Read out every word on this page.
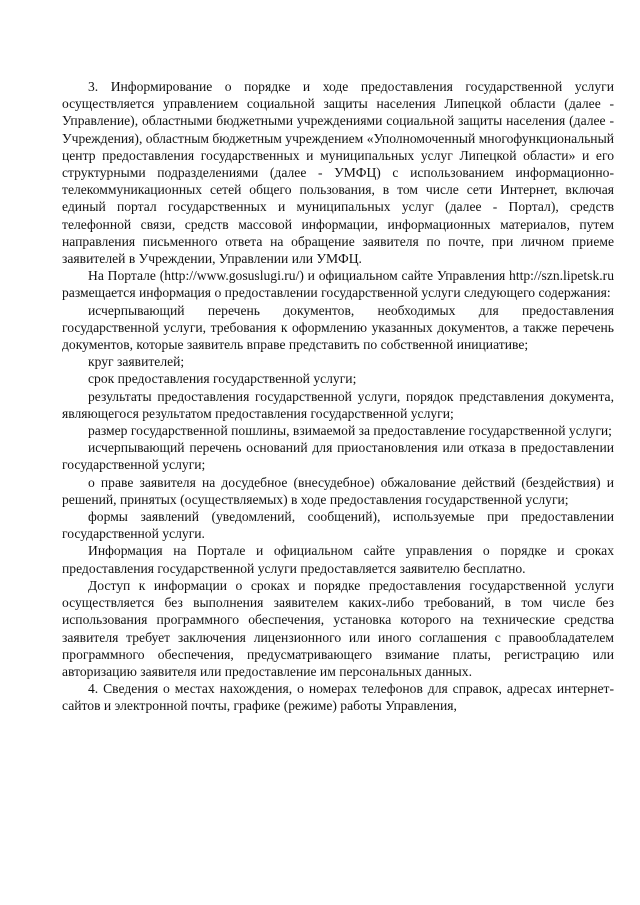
3. Информирование о порядке и ходе предоставления государственной услуги осуществляется управлением социальной защиты населения Липецкой области (далее - Управление), областными бюджетными учреждениями социальной защиты населения (далее - Учреждения), областным бюджетным учреждением «Уполномоченный многофункциональный центр предоставления государственных и муниципальных услуг Липецкой области» и его структурными подразделениями (далее - УМФЦ) с использованием информационно-телекоммуникационных сетей общего пользования, в том числе сети Интернет, включая единый портал государственных и муниципальных услуг (далее - Портал), средств телефонной связи, средств массовой информации, информационных материалов, путем направления письменного ответа на обращение заявителя по почте, при личном приеме заявителей в Учреждении, Управлении или УМФЦ.

На Портале (http://www.gosuslugi.ru/) и официальном сайте Управления http://szn.lipetsk.ru размещается информация о предоставлении государственной услуги следующего содержания:

исчерпывающий перечень документов, необходимых для предоставления государственной услуги, требования к оформлению указанных документов, а также перечень документов, которые заявитель вправе представить по собственной инициативе;

круг заявителей;

срок предоставления государственной услуги;

результаты предоставления государственной услуги, порядок представления документа, являющегося результатом предоставления государственной услуги;

размер государственной пошлины, взимаемой за предоставление государственной услуги;

исчерпывающий перечень оснований для приостановления или отказа в предоставлении государственной услуги;

о праве заявителя на досудебное (внесудебное) обжалование действий (бездействия) и решений, принятых (осуществляемых) в ходе предоставления государственной услуги;

формы заявлений (уведомлений, сообщений), используемые при предоставлении государственной услуги.

Информация на Портале и официальном сайте управления о порядке и сроках предоставления государственной услуги предоставляется заявителю бесплатно.

Доступ к информации о сроках и порядке предоставления государственной услуги осуществляется без выполнения заявителем каких-либо требований, в том числе без использования программного обеспечения, установка которого на технические средства заявителя требует заключения лицензионного или иного соглашения с правообладателем программного обеспечения, предусматривающего взимание платы, регистрацию или авторизацию заявителя или предоставление им персональных данных.

4. Сведения о местах нахождения, о номерах телефонов для справок, адресах интернет-сайтов и электронной почты, графике (режиме) работы Управления,
